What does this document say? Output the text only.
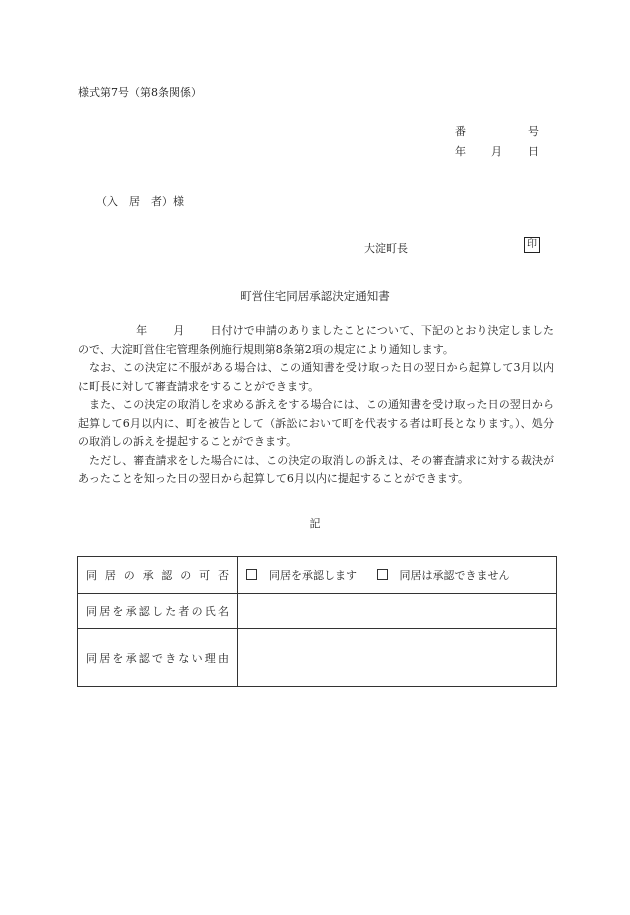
様式第7号（第8条関係）
番	号
年 月 日
（入　居　者）様
大淀町長	印
町営住宅同居承認決定通知書

年 月 日付けで申請のありましたことについて、下記のとおり決定しましたので、大淀町営住宅管理条例施行規則第8条第2項の規定により通知します。

なお、この決定に不服がある場合は、この通知書を受け取った日の翌日から起算して3月以内に町長に対して審査請求をすることができます。

また、この決定の取消しを求める訴えをする場合には、この通知書を受け取った日の翌日から起算して6月以内に、町を被告として（訴訟において町を代表する者は町長となります。）、処分の取消しの訴えを提起することができます。

ただし、審査請求をした場合には、この決定の取消しの訴えは、その審査請求に対する裁決があったことを知った日の翌日から起算して6月以内に提起することができます。

記
同居の承認の可否	同居を承認します 同居は承認できません
同居を承認した者の氏名	
同居を承認できない理由	
